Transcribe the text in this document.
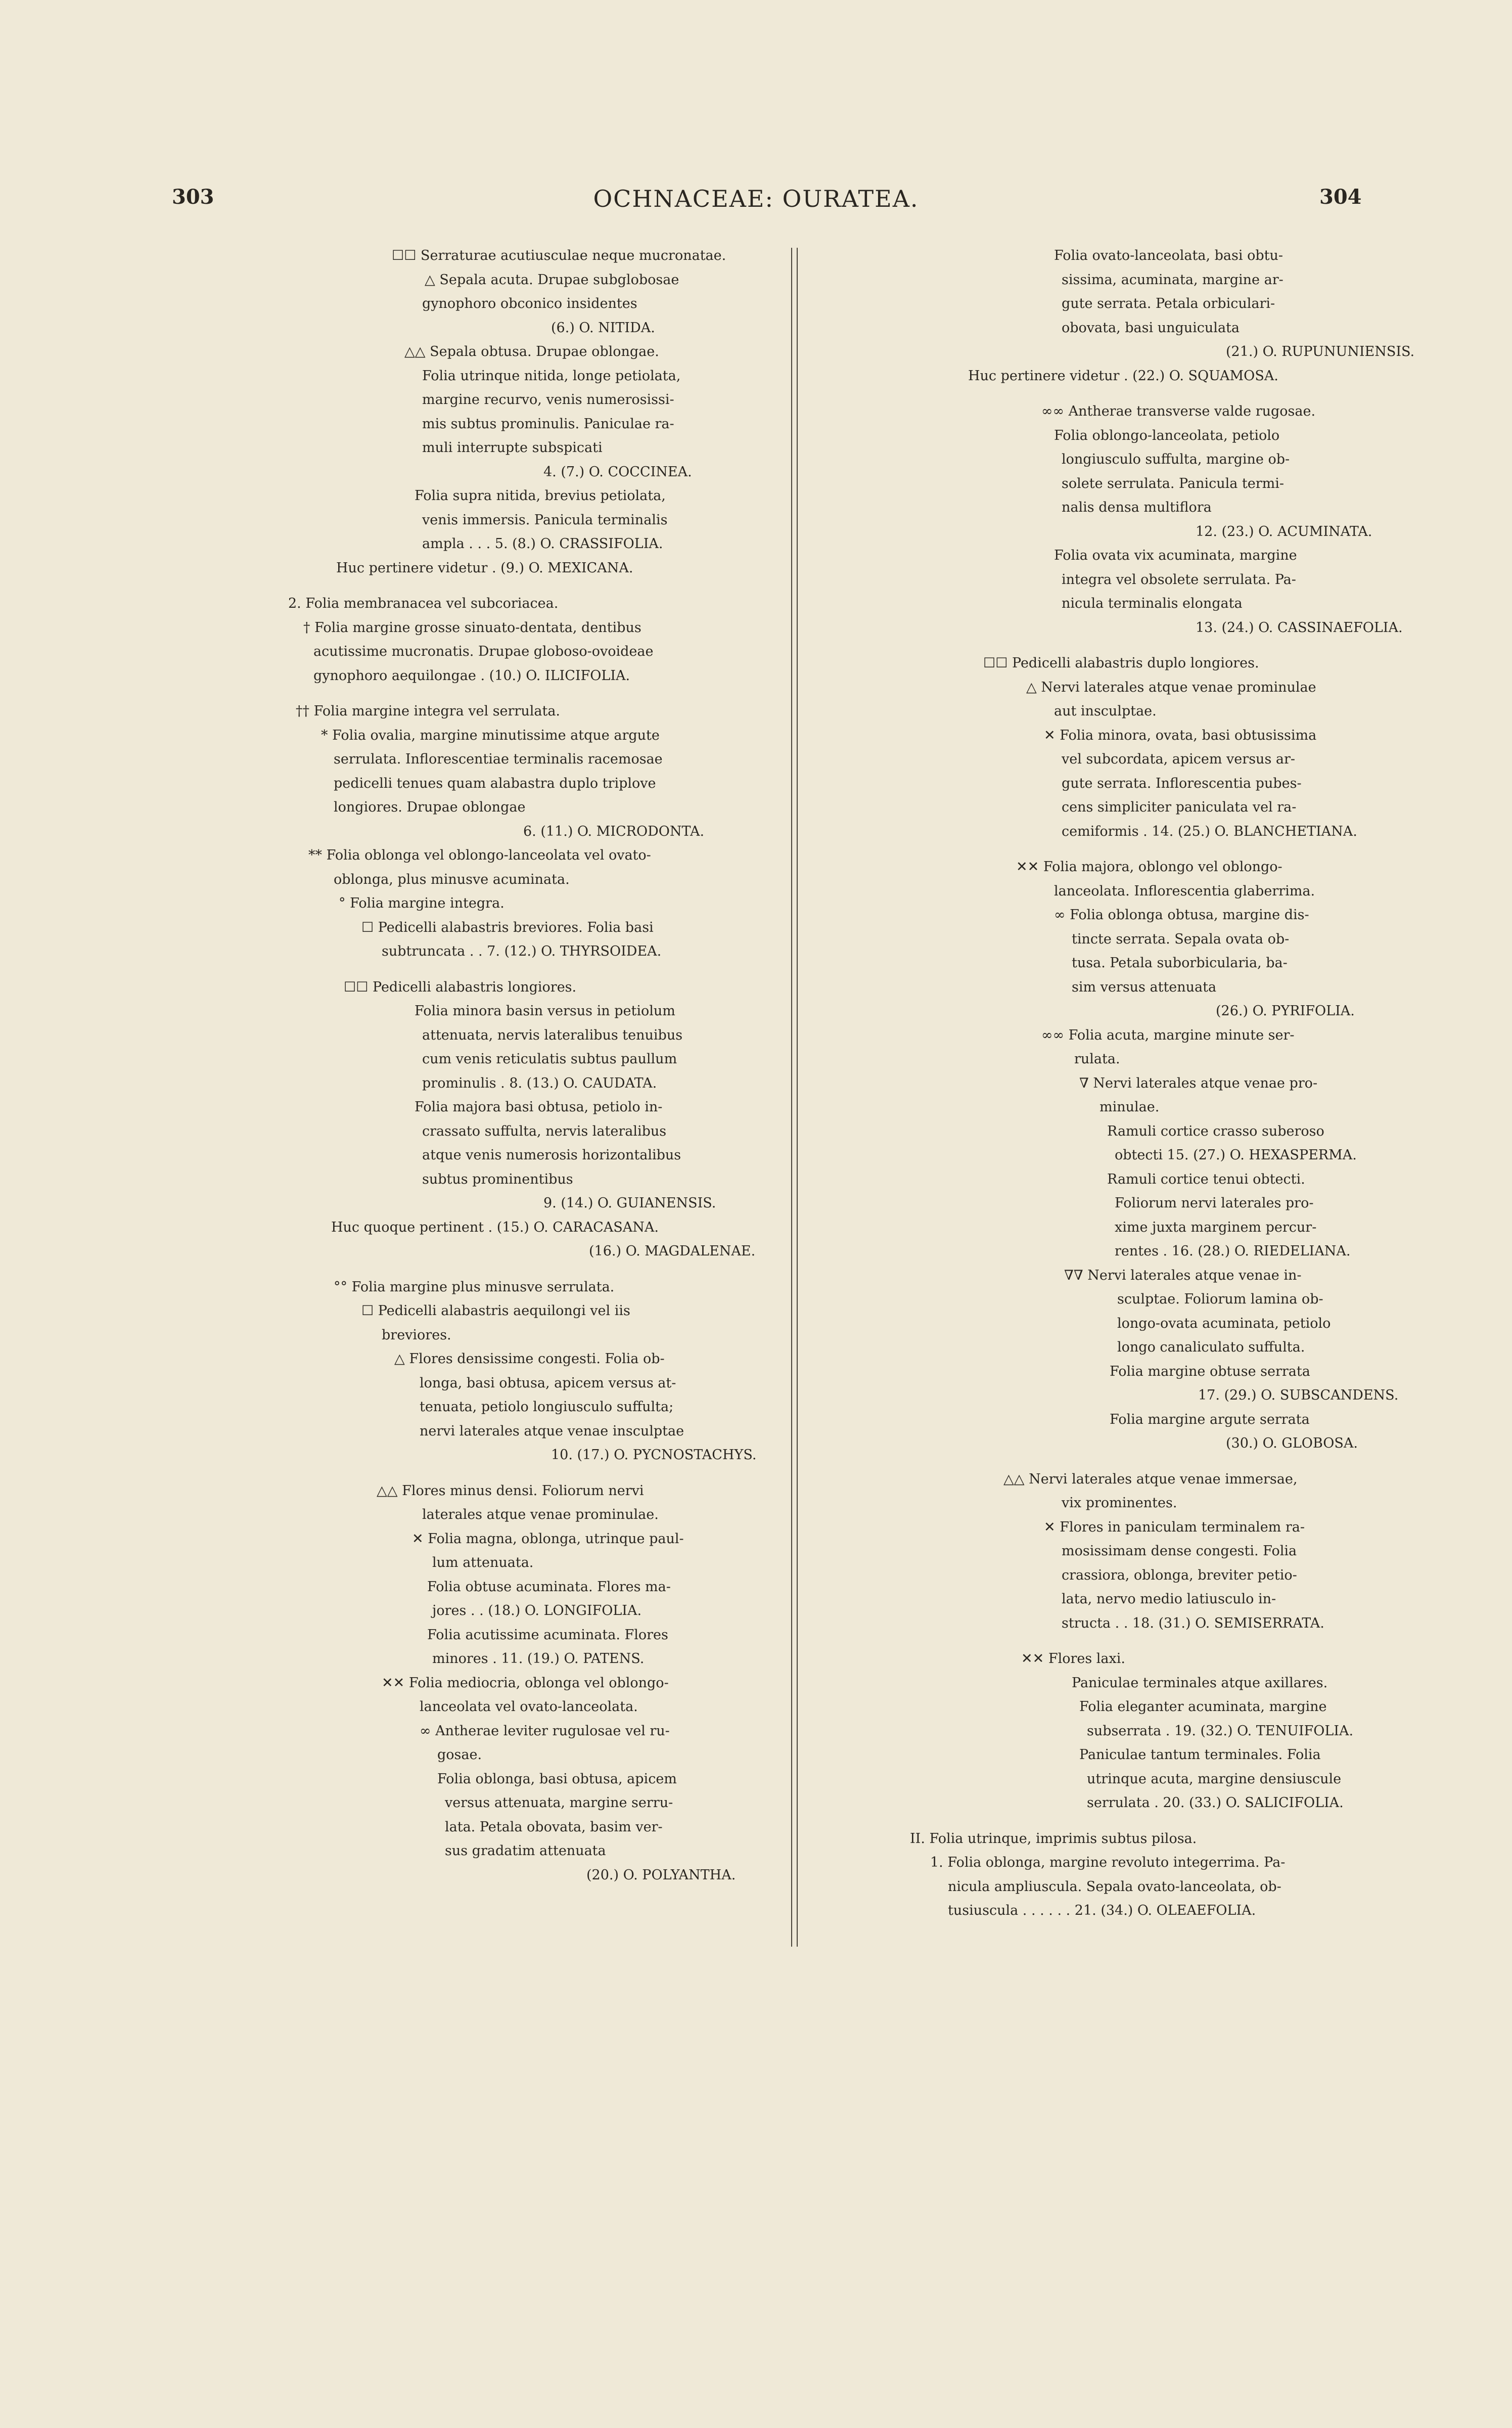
303	OCHNACEAE: OURATEA.	304
☐☐ Serraturae acutiusculae neque mucronatae.
△ Sepala acuta. Drupae subglobosae
gynophoro obconico insidentes
(6.) O. NITIDA.
△△ Sepala obtusa. Drupae oblongae.
Folia utrinque nitida, longe petiolata,
margine recurvo, venis numerosissi-
mis subtus prominulis. Paniculae ra-
muli interrupte subspicati
4. (7.) O. COCCINEA.
Folia supra nitida, brevius petiolata,
venis immersis. Panicula terminalis
ampla . . . 5. (8.) O. CRASSIFOLIA.
Huc pertinere videtur . (9.) O. MEXICANA.
2. Folia membranacea vel subcoriacea.
† Folia margine grosse sinuato-dentata, dentibus
acutissime mucronatis. Drupae globoso-ovoideae
gynophoro aequilongae . (10.) O. ILICIFOLIA.
†† Folia margine integra vel serrulata.
* Folia ovalia, margine minutissime atque argute
serrulata. Inflorescentiae terminalis racemosae
pedicelli tenues quam alabastra duplo triplove
longiores. Drupae oblongae
6. (11.) O. MICRODONTA.
** Folia oblonga vel oblongo-lanceolata vel ovato-
oblonga, plus minusve acuminata.
° Folia margine integra.
☐ Pedicelli alabastris breviores. Folia basi
subtruncata . . 7. (12.) O. THYRSOIDEA.
☐☐ Pedicelli alabastris longiores.
Folia minora basin versus in petiolum
attenuata, nervis lateralibus tenuibus
cum venis reticulatis subtus paullum
prominulis . 8. (13.) O. CAUDATA.
Folia majora basi obtusa, petiolo in-
crassato suffulta, nervis lateralibus
atque venis numerosis horizontalibus
subtus prominentibus
9. (14.) O. GUIANENSIS.
Huc quoque pertinent . (15.) O. CARACASANA.
(16.) O. MAGDALENAE.
°° Folia margine plus minusve serrulata.
☐ Pedicelli alabastris aequilongi vel iis
breviores.
△ Flores densissime congesti. Folia ob-
longa, basi obtusa, apicem versus at-
tenuata, petiolo longiusculo suffulta;
nervi laterales atque venae insculptae
10. (17.) O. PYCNOSTACHYS.
△△ Flores minus densi. Foliorum nervi
laterales atque venae prominulae.
✕ Folia magna, oblonga, utrinque paul-
lum attenuata.
Folia obtuse acuminata. Flores ma-
jores . . (18.) O. LONGIFOLIA.
Folia acutissime acuminata. Flores
minores . 11. (19.) O. PATENS.
✕✕ Folia mediocria, oblonga vel oblongo-
lanceolata vel ovato-lanceolata.
∞ Antherae leviter rugulosae vel ru-
gosae.
Folia oblonga, basi obtusa, apicem
versus attenuata, margine serru-
lata. Petala obovata, basim ver-
sus gradatim attenuata
(20.) O. POLYANTHA.
Folia ovato-lanceolata, basi obtu-
sissima, acuminata, margine ar-
gute serrata. Petala orbiculari-
obovata, basi unguiculata
(21.) O. RUPUNUNIENSIS.
Huc pertinere videtur . (22.) O. SQUAMOSA.
∞∞ Antherae transverse valde rugosae.
Folia oblongo-lanceolata, petiolo
longiusculo suffulta, margine ob-
solete serrulata. Panicula termi-
nalis densa multiflora
12. (23.) O. ACUMINATA.
Folia ovata vix acuminata, margine
integra vel obsolete serrulata. Pa-
nicula terminalis elongata
13. (24.) O. CASSINAEFOLIA.
☐☐ Pedicelli alabastris duplo longiores.
△ Nervi laterales atque venae prominulae
aut insculptae.
✕ Folia minora, ovata, basi obtusissima
vel subcordata, apicem versus ar-
gute serrata. Inflorescentia pubes-
cens simpliciter paniculata vel ra-
cemiformis . 14. (25.) O. BLANCHETIANA.
✕✕ Folia majora, oblongo vel oblongo-
lanceolata. Inflorescentia glaberrima.
∞ Folia oblonga obtusa, margine dis-
tincte serrata. Sepala ovata ob-
tusa. Petala suborbicularia, ba-
sim versus attenuata
(26.) O. PYRIFOLIA.
∞∞ Folia acuta, margine minute ser-
rulata.
∇ Nervi laterales atque venae pro-
minulae.
Ramuli cortice crasso suberoso
obtecti 15. (27.) O. HEXASPERMA.
Ramuli cortice tenui obtecti.
Foliorum nervi laterales pro-
xime juxta marginem percur-
rentes . 16. (28.) O. RIEDELIANA.
∇∇ Nervi laterales atque venae in-
sculptae. Foliorum lamina ob-
longo-ovata acuminata, petiolo
longo canaliculato suffulta.
Folia margine obtuse serrata
17. (29.) O. SUBSCANDENS.
Folia margine argute serrata
(30.) O. GLOBOSA.
△△ Nervi laterales atque venae immersae,
vix prominentes.
✕ Flores in paniculam terminalem ra-
mosissimam dense congesti. Folia
crassiora, oblonga, breviter petio-
lata, nervo medio latiusculo in-
structa . . 18. (31.) O. SEMISERRATA.
✕✕ Flores laxi.
Paniculae terminales atque axillares.
Folia eleganter acuminata, margine
subserrata . 19. (32.) O. TENUIFOLIA.
Paniculae tantum terminales. Folia
utrinque acuta, margine densiuscule
serrulata . 20. (33.) O. SALICIFOLIA.
II. Folia utrinque, imprimis subtus pilosa.
1. Folia oblonga, margine revoluto integerrima. Pa-
nicula ampliuscula. Sepala ovato-lanceolata, ob-
tusiuscula . . . . . . 21. (34.) O. OLEAEFOLIA.
